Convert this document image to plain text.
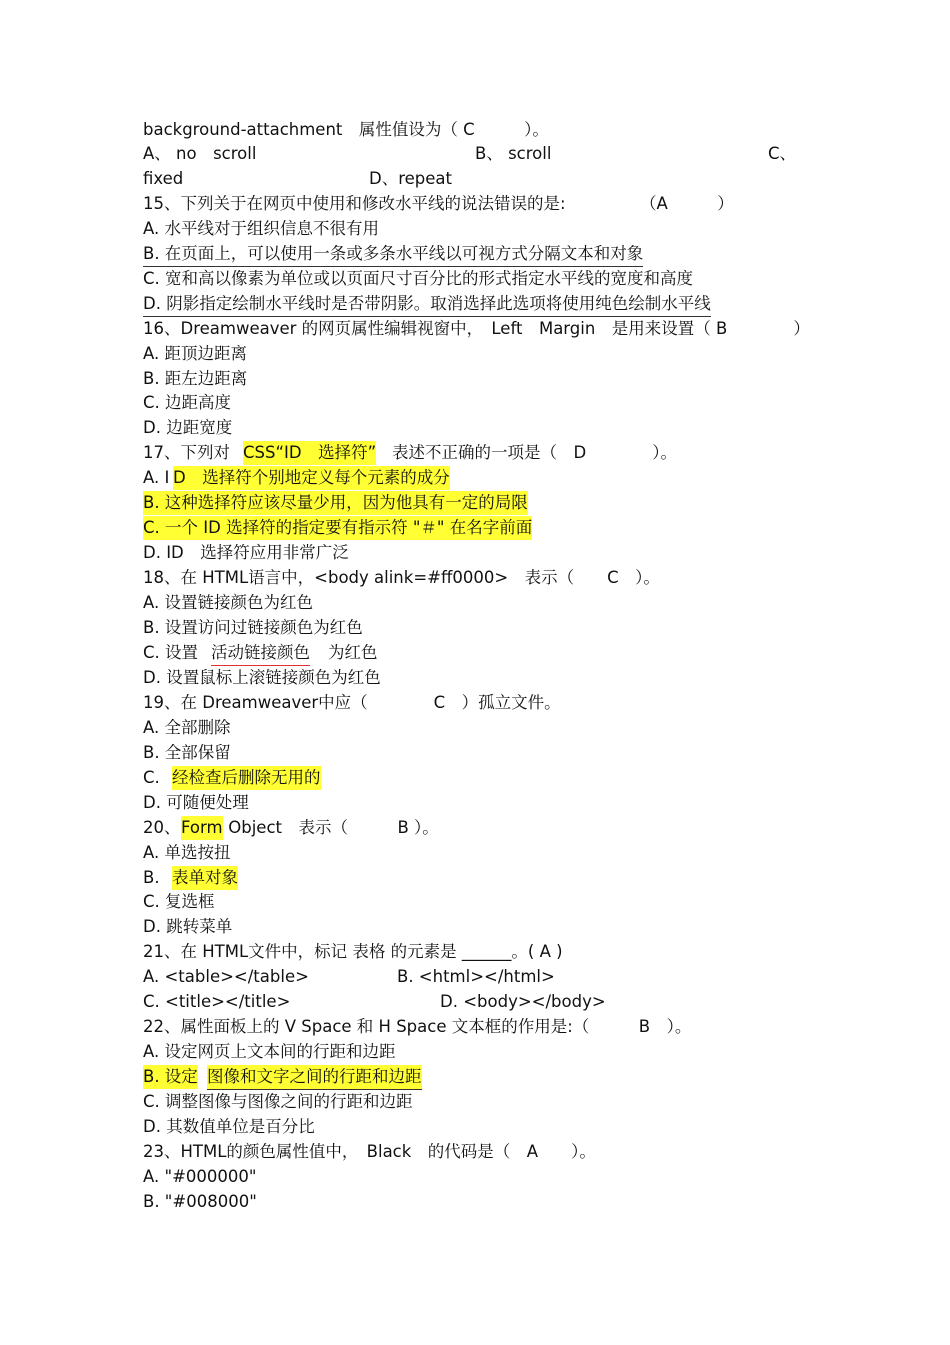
background-attachment　属性值设为（ C　　　）。
A、 no　scroll	B、 scroll	C、
fixed	D、repeat
15、下列关于在网页中使用和修改水平线的说法错误的是:	（A　　　）
A. 水平线对于组织信息不很有用
B. 在页面上，可以使用一条或多条水平线以可视方式分隔文本和对象
C. 宽和高以像素为单位或以页面尺寸百分比的形式指定水平线的宽度和高度
D. 阴影指定绘制水平线时是否带阴影。取消选择此选项将使用纯色绘制水平线
16、Dreamweaver 的网页属性编辑视窗中，　Left　Margin　是用来设置（ B　　　　）
A. 距顶边距离
B. 距左边距离
C. 边距高度
D. 边距宽度
17、下列对 CSS“ID　选择符” 表述不正确的一项是（　D　　　　）。
A. I D　选择符个别地定义每个元素的成分
B. 这种选择符应该尽量少用，因为他具有一定的局限
C. 一个 ID 选择符的指定要有指示符 "＃" 在名字前面
D. ID　选择符应用非常广泛
18、在 HTML语言中，<body alink=#ff0000>　表示（　　C　）。
A. 设置链接颜色为红色
B. 设置访问过链接颜色为红色
C. 设置 活动链接颜色 为红色
D. 设置鼠标上滚链接颜色为红色
19、在 Dreamweaver中应（　　　　C　）孤立文件。
A. 全部删除
B. 全部保留
C. 经检查后删除无用的
D. 可随便处理
20、 Form Object　表示（　　　B ）。
A. 单选按扭
B. 表单对象
C. 复选框
D. 跳转菜单
21、在 HTML文件中，标记 表格 的元素是 ______。( A )
A. <table></table>	B. <html></html>
C. <title></title>	D. <body></body>
22、属性面板上的 V Space 和 H Space 文本框的作用是:（　　　B　）。
A. 设定网页上文本间的行距和边距
B. 设定 图像和文字之间的行距和边距
C. 调整图像与图像之间的行距和边距
D. 其数值单位是百分比
23、HTML的颜色属性值中，　Black　的代码是（　A　　）。
A. "#000000"
B. "#008000"
